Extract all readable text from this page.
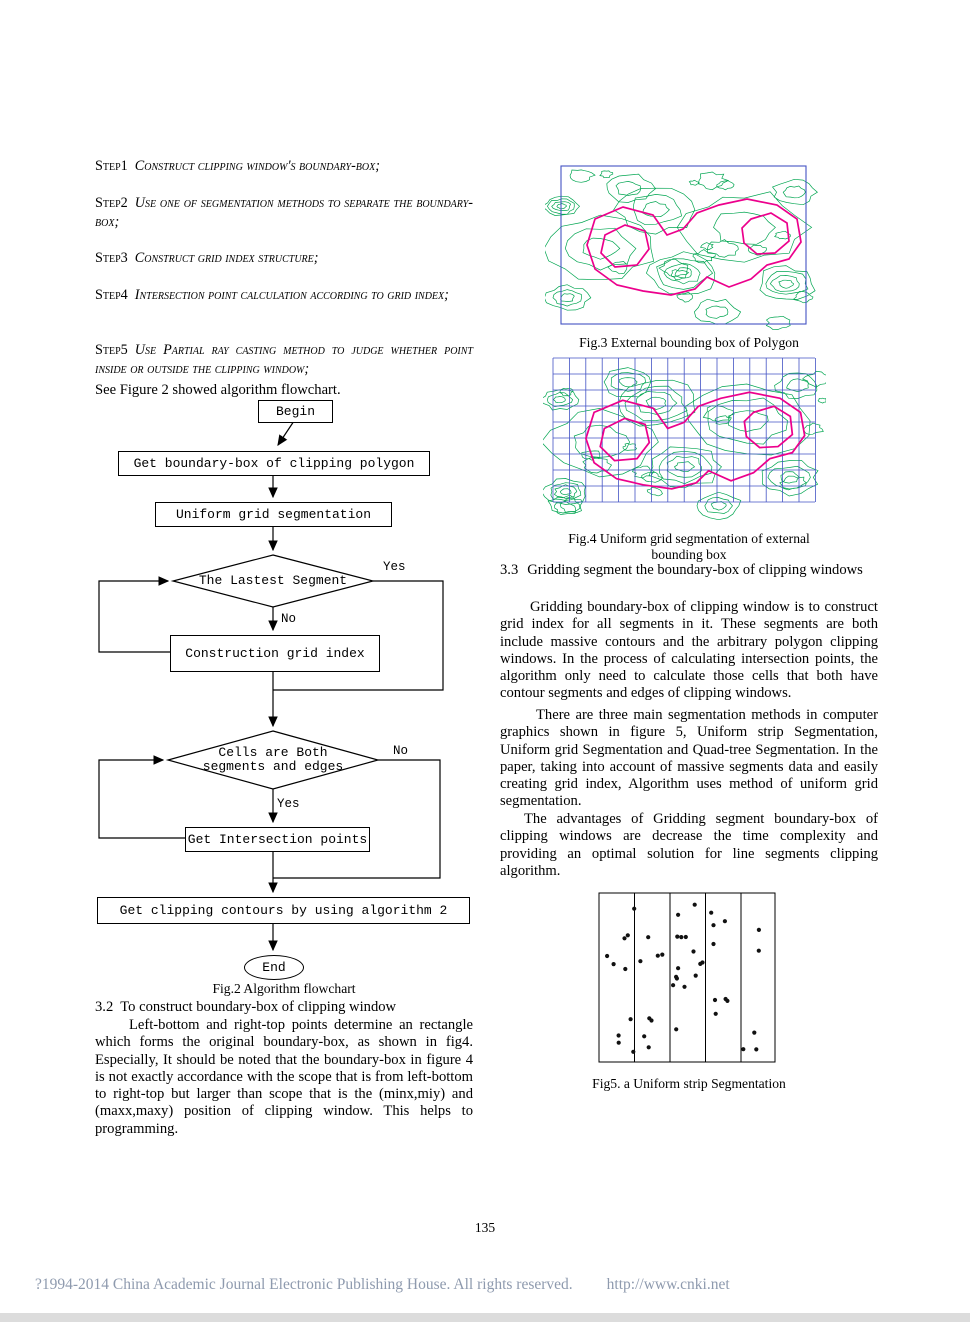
Step1 Construct clipping window's boundary-box;
Step2 Use one of segmentation methods to separate the boundary-box;
Step3 Construct grid index structure;
Step4 Intersection point calculation according to grid index;
Step5 Use Partial ray casting method to judge whether point inside or outside the clipping window;
See Figure 2 showed algorithm flowchart.
Begin
Get boundary-box of clipping polygon
Uniform grid segmentation
The Lastest Segment
Yes
No
Construction grid index
Cells are Both
segments and edges
No
Yes
Get Intersection points
Get clipping contours by using algorithm 2
End
Fig.2 Algorithm flowchart
3.2  To construct boundary-box of clipping window
Left-bottom and right-top points determine an rectangle which forms the original boundary-box, as shown in fig4. Especially, It should be noted that the boundary-box in figure 4 is not exactly accordance with the scope that is from left-bottom to right-top but larger than scope that is the (minx,miy) and (maxx,maxy) position of clipping window. This helps to programming.
Fig.3 External bounding box of Polygon
Fig.4 Uniform grid segmentation of external bounding box
3.3 Gridding segment the boundary-box of clipping windows
Gridding boundary-box of clipping window is to construct grid index for all segments in it. These segments are both include massive contours and the arbitrary polygon clipping windows. In the process of calculating intersection points, the algorithm only need to calculate those cells that both have contour segments and edges of clipping windows.
There are three main segmentation methods in computer graphics shown in figure 5, Uniform strip Segmentation, Uniform grid Segmentation and Quad-tree Segmentation. In the paper, taking into account of massive segments data and easily creating grid index, Algorithm uses method of uniform grid segmentation.
The advantages of Gridding segment boundary-box of clipping windows are decrease the time complexity and providing an optimal solution for line segments clipping algorithm.
Fig5. a Uniform strip Segmentation
135
?1994-2014 China Academic Journal Electronic Publishing House. All rights reserved. http://www.cnki.net
